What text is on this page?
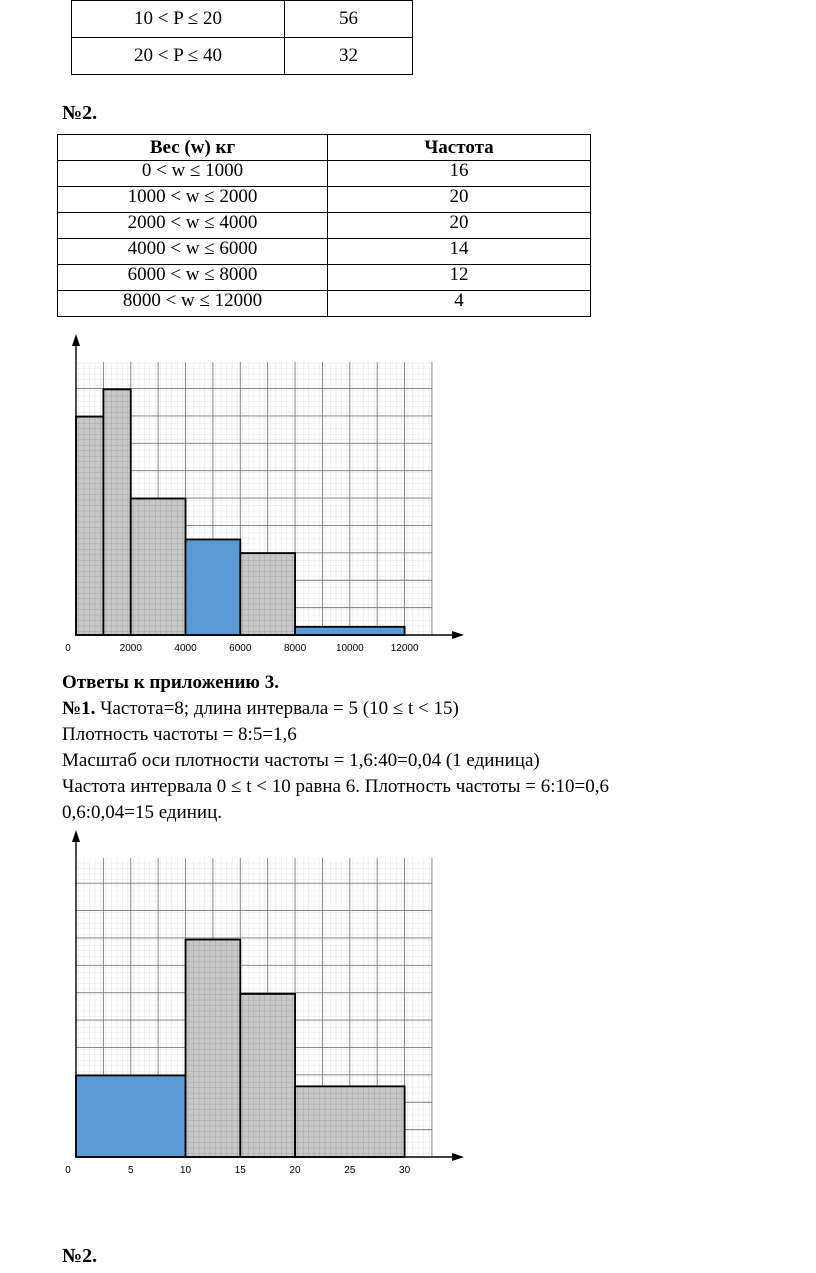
10 < P ≤ 20	56
20 < P ≤ 40	32
№2.
Вес (w) кг	Частота
0 < w ≤ 1000	16
1000 < w ≤ 2000	20
2000 < w ≤ 4000	20
4000 < w ≤ 6000	14
6000 < w ≤ 8000	12
8000 < w ≤ 12000	4
0	2000	4000	6000	8000	10000	12000
Ответы к приложению 3.
№1. Частота=8; длина интервала = 5 (10 ≤ t < 15)
Плотность частоты = 8:5=1,6
Масштаб оси плотности частоты = 1,6:40=0,04 (1 единица)
Частота интервала 0 ≤ t < 10 равна 6. Плотность частоты = 6:10=0,6
0,6:0,04=15 единиц.
0	5	10	15	20	25	30
№2.
